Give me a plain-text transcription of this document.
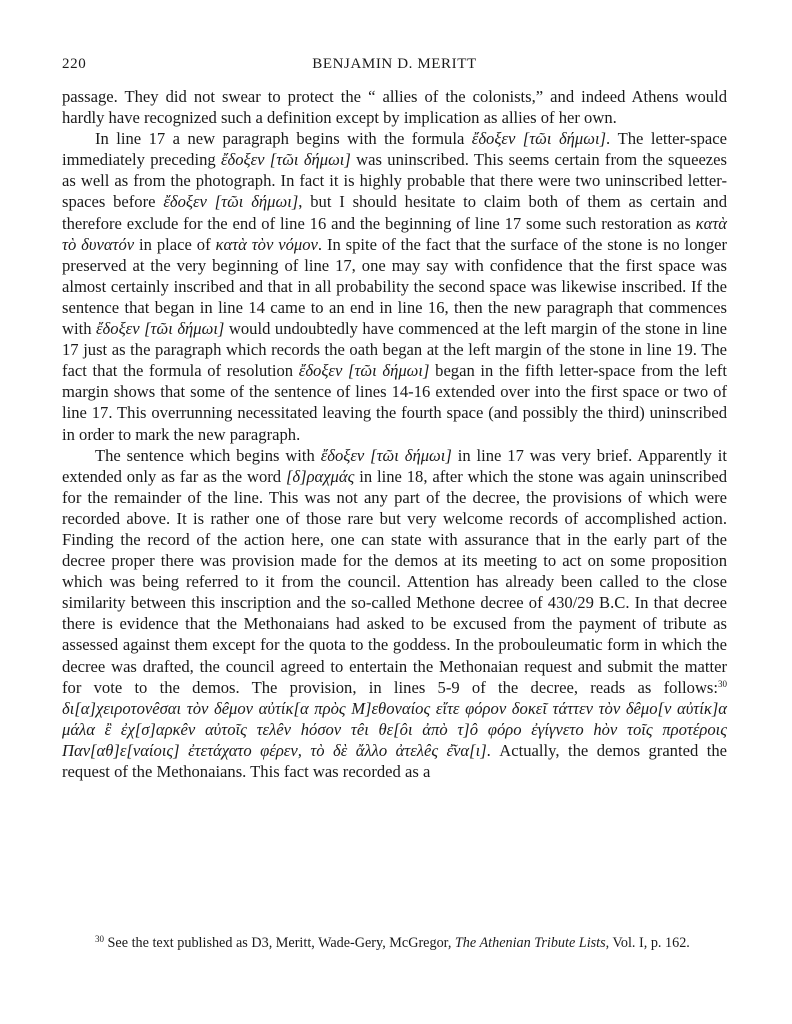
220	BENJAMIN D. MERITT

passage. They did not swear to protect the “ allies of the colonists,” and indeed Athens would hardly have recognized such a definition except by implication as allies of her own.

In line 17 a new paragraph begins with the formula ἔδοξεν [τῶι δήμωι]. The letter-space immediately preceding ἔδοξεν [τῶι δήμωι] was uninscribed. This seems certain from the squeezes as well as from the photograph. In fact it is highly probable that there were two uninscribed letter-spaces before ἔδοξεν [τῶι δήμωι], but I should hesitate to claim both of them as certain and therefore exclude for the end of line 16 and the beginning of line 17 some such restoration as κατὰ τὸ δυνατόν in place of κατὰ τὸν νόμον. In spite of the fact that the surface of the stone is no longer preserved at the very beginning of line 17, one may say with confidence that the first space was almost certainly inscribed and that in all probability the second space was likewise inscribed. If the sentence that began in line 14 came to an end in line 16, then the new paragraph that commences with ἔδοξεν [τῶι δήμωι] would undoubtedly have commenced at the left margin of the stone in line 17 just as the paragraph which records the oath began at the left margin of the stone in line 19. The fact that the formula of resolution ἔδοξεν [τῶι δήμωι] began in the fifth letter-space from the left margin shows that some of the sentence of lines 14-16 extended over into the first space or two of line 17. This overrunning necessitated leaving the fourth space (and possibly the third) uninscribed in order to mark the new paragraph.

The sentence which begins with ἔδοξεν [τῶι δήμωι] in line 17 was very brief. Apparently it extended only as far as the word [δ]ραχμάς in line 18, after which the stone was again uninscribed for the remainder of the line. This was not any part of the decree, the provisions of which were recorded above. It is rather one of those rare but very welcome records of accomplished action. Finding the record of the action here, one can state with assurance that in the early part of the decree proper there was provision made for the demos at its meeting to act on some proposition which was being referred to it from the council. Attention has already been called to the close similarity between this inscription and the so-called Methone decree of 430/29 B.C. In that decree there is evidence that the Methonaians had asked to be excused from the payment of tribute as assessed against them except for the quota to the goddess. In the probouleumatic form in which the decree was drafted, the council agreed to entertain the Methonaian request and submit the matter for vote to the demos. The provision, in lines 5-9 of the decree, reads as follows:$^{30}$ δι[α]χειροτονêσαι τὸν δêμον αὐτίκ[α πρὸς Μ]εθοναίος εἴτε φόρον δοκεῖ τάττεν τὸν δêμο[ν αὐτίκ]α μάλα ἒ ἐχ[σ]αρκêν αὐτοῖς τελêν hόσον τêι θε[ôι ἀπὸ τ]ô φόρο ἐγίγνετο hὸν τοῖς προτέροις Παν[αθ]ε[ναίοις] ἐτετάχατο φέρεν, τὸ δὲ ἄλλο ἀτελêς ἐ͂να[ι]. Actually, the demos granted the request of the Methonaians. This fact was recorded as a

$^{30}$ See the text published as D3, Meritt, Wade-Gery, McGregor, The Athenian Tribute Lists, Vol. I, p. 162.
